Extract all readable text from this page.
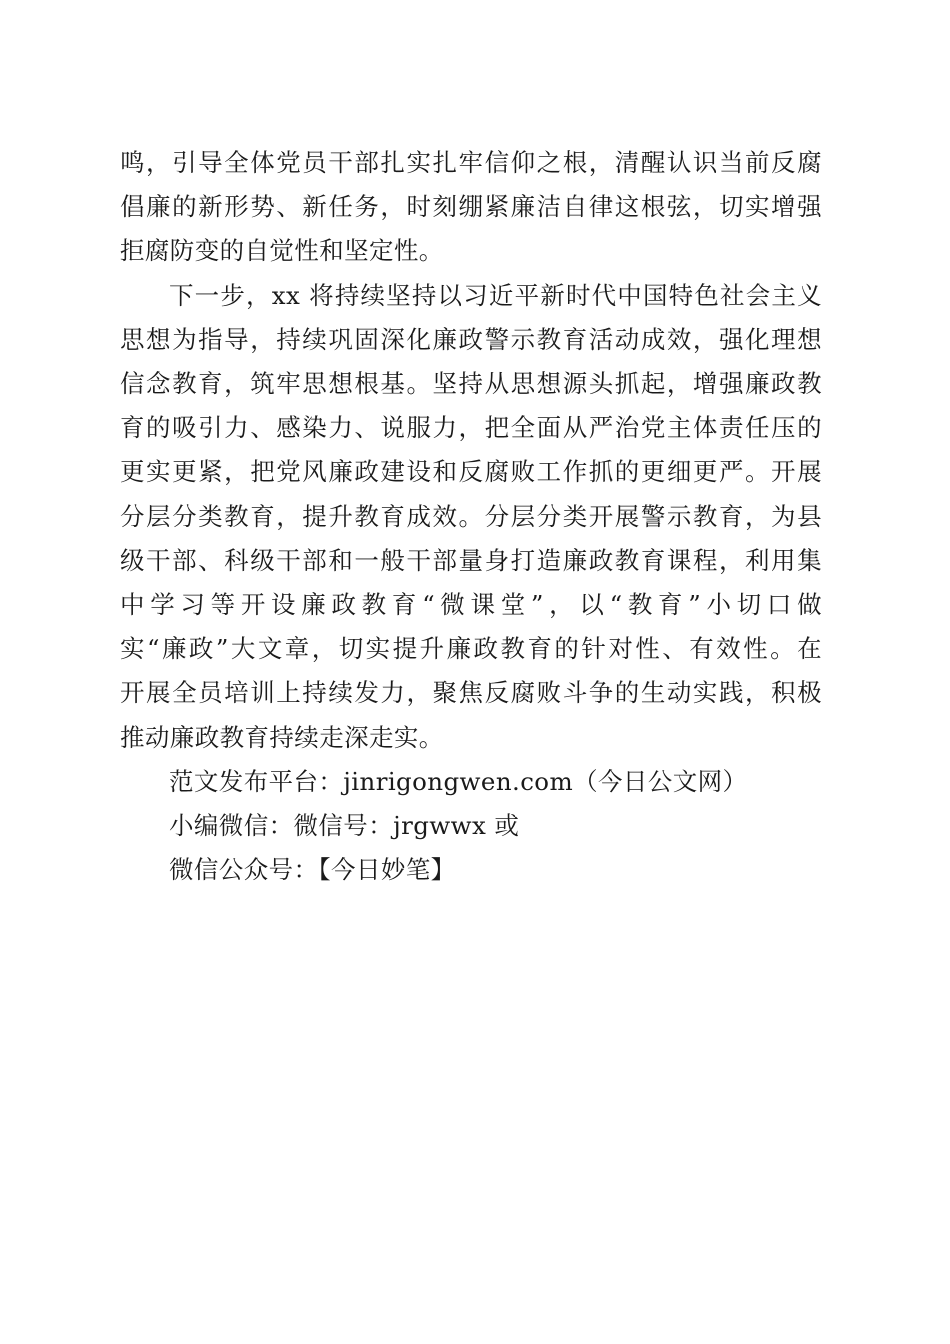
鸣，引导全体党员干部扎实扎牢信仰之根，清醒认识当前反腐
倡廉的新形势、新任务，时刻绷紧廉洁自律这根弦，切实增强
拒腐防变的自觉性和坚定性。
下一步，xx 将持续坚持以习近平新时代中国特色社会主义
思想为指导，持续巩固深化廉政警示教育活动成效，强化理想
信念教育，筑牢思想根基。坚持从思想源头抓起，增强廉政教
育的吸引力、感染力、说服力，把全面从严治党主体责任压的
更实更紧，把党风廉政建设和反腐败工作抓的更细更严。开展
分层分类教育，提升教育成效。分层分类开展警示教育，为县
级干部、科级干部和一般干部量身打造廉政教育课程，利用集
中学习等开设廉政教育“微课堂”，以“教育”小切口做
实“廉政”大文章，切实提升廉政教育的针对性、有效性。在
开展全员培训上持续发力，聚焦反腐败斗争的生动实践，积极
推动廉政教育持续走深走实。
范文发布平台：jinrigongwen.com（今日公文网）
小编微信：微信号：jrgwwx 或
微信公众号：【今日妙笔】
